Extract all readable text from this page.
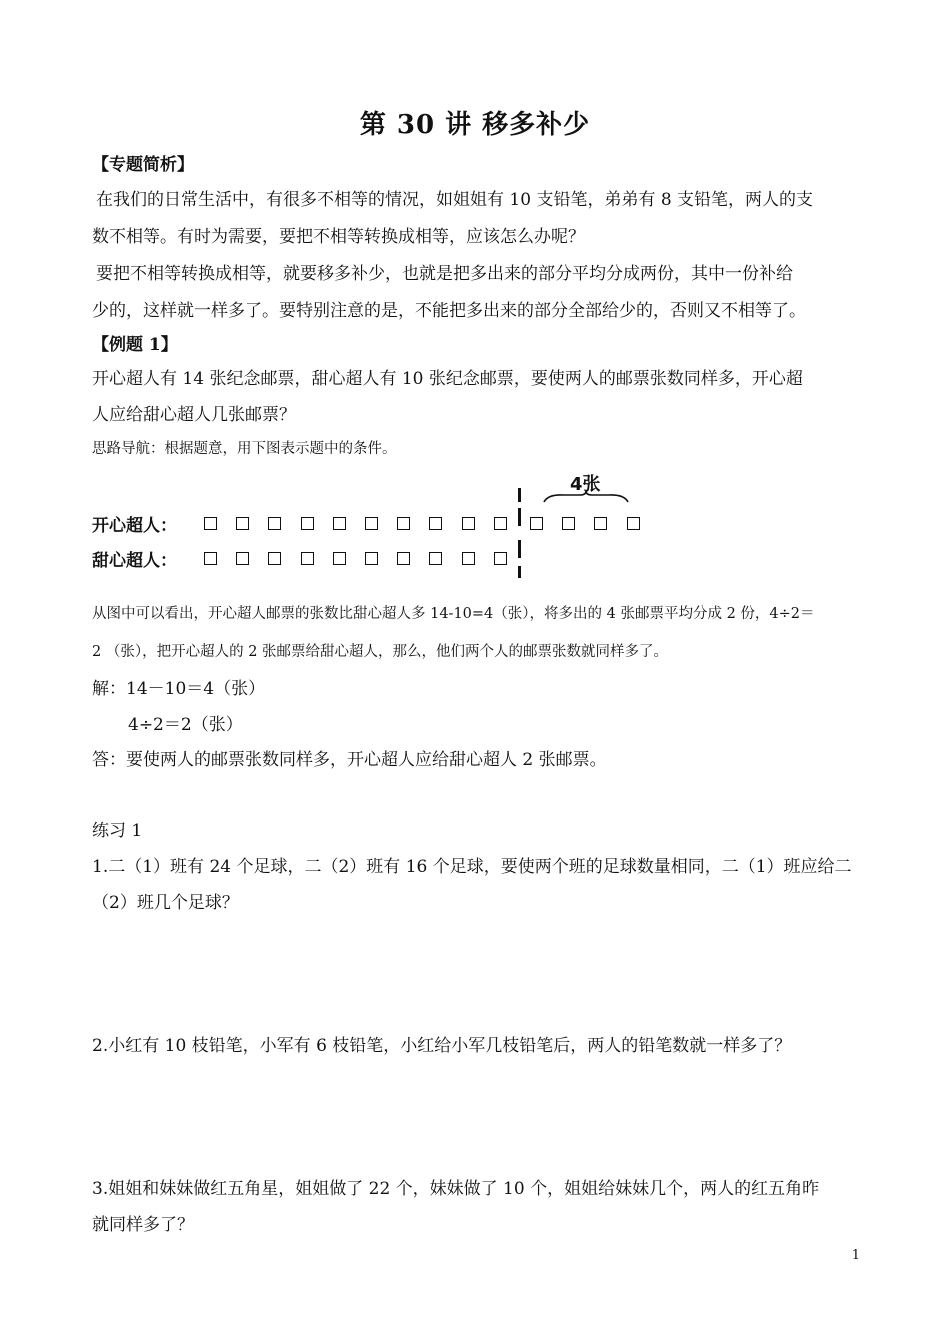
第 30 讲 移多补少
【专题简析】
在我们的日常生活中，有很多不相等的情况，如姐姐有 10 支铅笔，弟弟有 8 支铅笔，两人的支
数不相等。有时为需要，要把不相等转换成相等，应该怎么办呢？
要把不相等转换成相等，就要移多补少，也就是把多出来的部分平均分成两份，其中一份补给
少的，这样就一样多了。要特别注意的是，不能把多出来的部分全部给少的，否则又不相等了。
【例题 1】
开心超人有 14 张纪念邮票，甜心超人有 10 张纪念邮票，要使两人的邮票张数同样多，开心超
人应给甜心超人几张邮票？
思路导航：根据题意，用下图表示题中的条件。
4张
开心超人：
甜心超人：
从图中可以看出，开心超人邮票的张数比甜心超人多 14-10=4（张），将多出的 4 张邮票平均分成 2 份，4÷2＝
2 （张），把开心超人的 2 张邮票给甜心超人，那么，他们两个人的邮票张数就同样多了。
解：14－10＝4（张）
4÷2＝2（张）
答：要使两人的邮票张数同样多，开心超人应给甜心超人 2 张邮票。
练习 1
1.二（1）班有 24 个足球，二（2）班有 16 个足球，要使两个班的足球数量相同，二（1）班应给二
（2）班几个足球？
2.小红有 10 枝铅笔，小军有 6 枝铅笔，小红给小军几枝铅笔后，两人的铅笔数就一样多了？
3.姐姐和妹妹做红五角星，姐姐做了 22 个，妹妹做了 10 个，姐姐给妹妹几个，两人的红五角昨
就同样多了？
1
